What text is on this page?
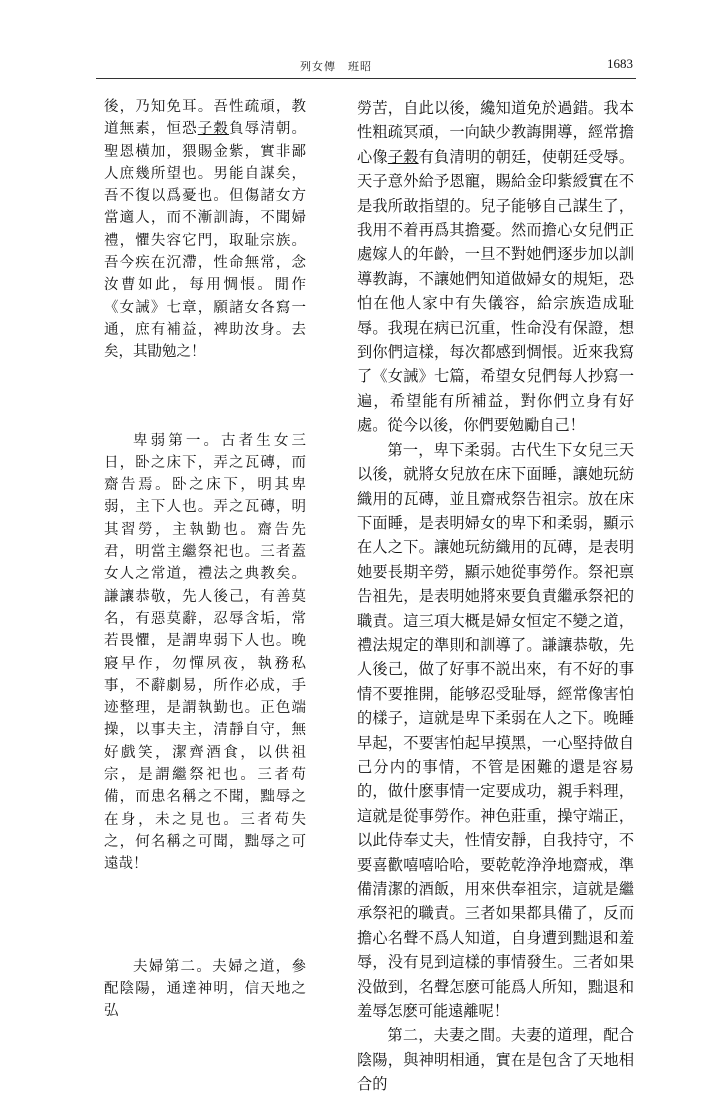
列女傳　班昭	1683

後，乃知免耳。吾性疏頑，教道無素，恒恐子穀負辱清朝。聖恩橫加，猥賜金紫，實非鄙人庶幾所望也。男能自謀矣，吾不復以爲憂也。但傷諸女方當適人，而不漸訓誨，不聞婦禮，懼失容它門，取耻宗族。吾今疾在沉滯，性命無常，念汝曹如此，每用惆悵。閒作《女誡》七章，願諸女各寫一通，庶有補益，裨助汝身。去矣，其勖勉之！

卑弱第一。古者生女三日，卧之床下，弄之瓦磚，而齋告焉。卧之床下，明其卑弱，主下人也。弄之瓦磚，明其習勞，主執勤也。齋告先君，明當主繼祭祀也。三者蓋女人之常道，禮法之典教矣。謙讓恭敬，先人後己，有善莫名，有惡莫辭，忍辱含垢，常若畏懼，是謂卑弱下人也。晚寢早作，勿憚夙夜，執務私事，不辭劇易，所作必成，手迹整理，是謂執勤也。正色端操，以事夫主，清靜自守，無好戲笑，潔齊酒食，以供祖宗，是謂繼祭祀也。三者苟備，而患名稱之不聞，黜辱之在身，未之見也。三者苟失之，何名稱之可聞，黜辱之可遠哉！

夫婦第二。夫婦之道，參配陰陽，通達神明，信天地之弘

勞苦，自此以後，纔知道免於過錯。我本性粗疏冥頑，一向缺少教誨開導，經常擔心像子穀有負清明的朝廷，使朝廷受辱。天子意外給予恩寵，賜給金印紫綬實在不是我所敢指望的。兒子能够自己謀生了，我用不着再爲其擔憂。然而擔心女兒們正處嫁人的年齡，一旦不對她們逐步加以訓導教誨，不讓她們知道做婦女的規矩，恐怕在他人家中有失儀容，給宗族造成耻辱。我現在病已沉重，性命没有保證，想到你們這樣，每次都感到惆悵。近來我寫了《女誡》七篇，希望女兒們每人抄寫一遍，希望能有所補益，對你們立身有好處。從今以後，你們要勉勵自己！

第一，卑下柔弱。古代生下女兒三天以後，就將女兒放在床下面睡，讓她玩紡織用的瓦磚，並且齋戒祭告祖宗。放在床下面睡，是表明婦女的卑下和柔弱，顯示在人之下。讓她玩紡織用的瓦磚，是表明她要長期辛勞，顯示她從事勞作。祭祀禀告祖先，是表明她將來要負責繼承祭祀的職責。這三項大概是婦女恒定不變之道，禮法規定的準則和訓導了。謙讓恭敬，先人後己，做了好事不説出來，有不好的事情不要推開，能够忍受耻辱，經常像害怕的樣子，這就是卑下柔弱在人之下。晚睡早起，不要害怕起早摸黑，一心堅持做自己分内的事情，不管是困難的還是容易的，做什麽事情一定要成功，親手料理，這就是從事勞作。神色莊重，操守端正，以此侍奉丈夫，性情安靜，自我持守，不要喜歡嘻嘻哈哈，要乾乾浄浄地齋戒，準備清潔的酒飯，用來供奉祖宗，這就是繼承祭祀的職責。三者如果都具備了，反而擔心名聲不爲人知道，自身遭到黜退和羞辱，没有見到這樣的事情發生。三者如果没做到，名聲怎麽可能爲人所知，黜退和羞辱怎麽可能遠離呢！

第二，夫妻之間。夫妻的道理，配合陰陽，與神明相通，實在是包含了天地相合的
